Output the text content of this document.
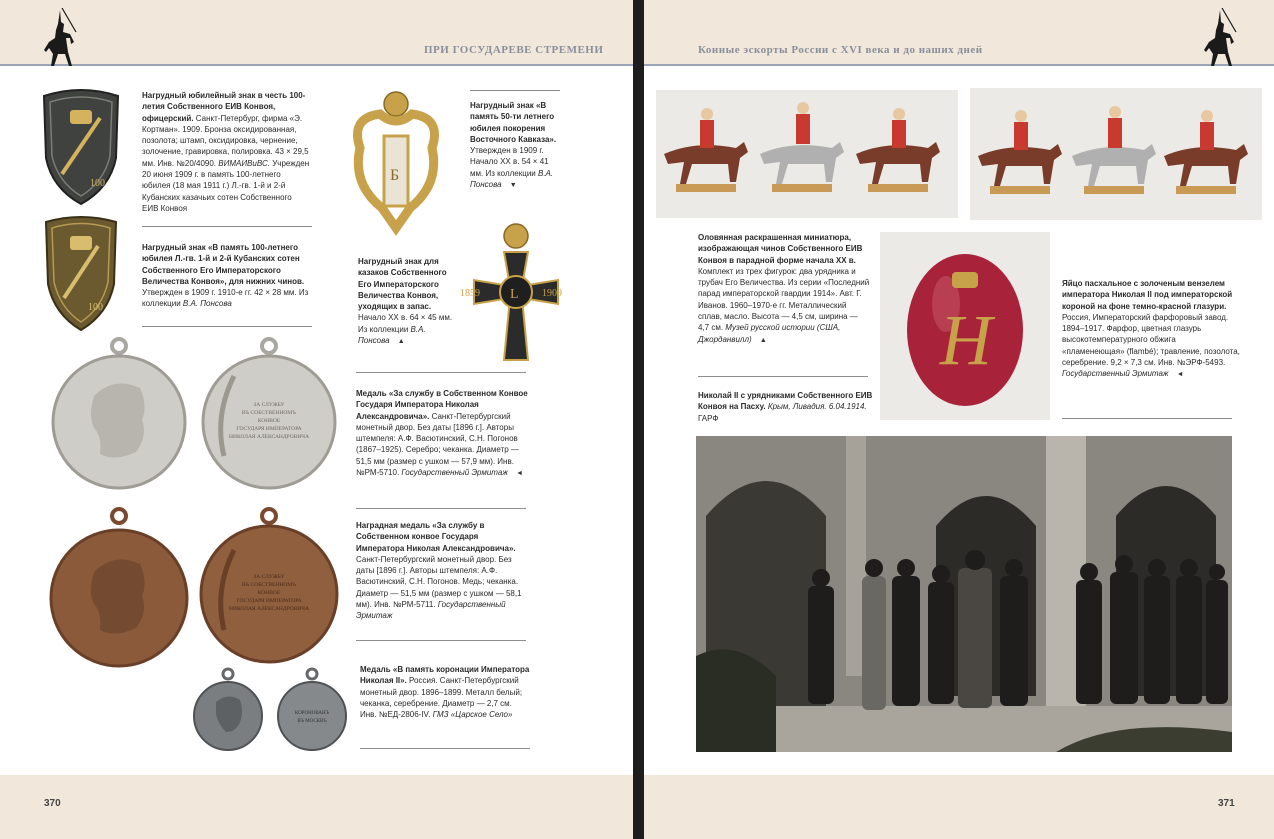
ПРИ ГОСУДАРЕВЕ СТРЕМЕНИ
100
Нагрудный юбилейный знак в честь 100-летия Собственного ЕИВ Конвоя, офицерский. Санкт-Петербург, фирма «Э. Кортман». 1909. Бронза оксидированная, позолота; штамп, оксидировка, чернение, золочение, гравировка, полировка. 43 × 29,5 мм. Инв. №20/4090. ВИМАИВиВС. Учрежден 20 июня 1909 г. в память 100-летнего юбилея (18 мая 1911 г.) Л.-гв. 1-й и 2-й Кубанских казачьих сотен Собственного ЕИВ Конвоя
100
Нагрудный знак «В память 100-летнего юбилея Л.-гв. 1-й и 2-й Кубанских сотен Собственного Его Императорского Величества Конвоя», для нижних чинов. Утвержден в 1909 г. 1910-е гг. 42 × 28 мм. Из коллекции В.А. Понсова
Б
Нагрудный знак для казаков Собственного Его Императорского Величества Конвоя, уходящих в запас. Начало XX в. 64 × 45 мм. Из коллекции В.А. Понсова ▲
Нагрудный знак «В память 50-ти летнего юбилея покорения Восточного Кавказа». Утвержден в 1909 г. Начало XX в. 54 × 41 мм. Из коллекции В.А. Понсова ▼
L
1859	1909
ЗА СЛУЖБУ
ВЪ СОБСТВЕННОМЪ
КОНВОЕ
ГОСУДАРЯ ИМПЕРАТОРА
НИКОЛАЯ АЛЕКСАНДРОВИЧА
Медаль «За службу в Собственном Конвое Государя Императора Николая Александровича». Санкт-Петербургский монетный двор. Без даты [1896 г.]. Авторы штемпеля: А.Ф. Васютинский, С.Н. Погонов (1867–1925). Серебро; чеканка. Диаметр — 51,5 мм (размер с ушком — 57,9 мм). Инв. №РМ-5710. Государственный Эрмитаж ◄
ЗА СЛУЖБУ
ВЪ СОБСТВЕННОМЪ
КОНВОЕ
ГОСУДАРЯ ИМПЕРАТОРА
НИКОЛАЯ АЛЕКСАНДРОВИЧА
Наградная медаль «За службу в Собственном конвое Государя Императора Николая Александровича». Санкт-Петербургский монетный двор. Без даты [1896 г.]. Авторы штемпеля: А.Ф. Васютинский, С.Н. Погонов. Медь; чеканка. Диаметр — 51,5 мм (размер с ушком — 58,1 мм). Инв. №РМ-5711. Государственный Эрмитаж
КОРОНОВАНЪ
ВЪ МОСКВЪ
Медаль «В память коронации Императора Николая II». Россия. Санкт-Петербургский монетный двор. 1896–1899. Металл белый; чеканка, серебрение. Диаметр — 2,7 см. Инв. №ЕД-2806-IV. ГМЗ «Царское Село»
370
Конные эскорты России с XVI века и до наших дней
Оловянная раскрашенная миниатюра, изображающая чинов Собственного ЕИВ Конвоя в парадной форме начала XX в. Комплект из трех фигурок: два урядника и трубач Его Величества. Из серии «Последний парад императорской гвардии 1914». Авт. Г. Иванов. 1960–1970-е гг. Металлический сплав, масло. Высота — 4,5 см, ширина — 4,7 см. Музей русской истории (США, Джорданвилл) ▲	Н
Яйцо пасхальное с золоченым вензелем императора Николая II под императорской короной на фоне темно-красной глазури. Россия, Императорский фарфоровый завод. 1894–1917. Фарфор, цветная глазурь высокотемпературного обжига «пламенеющая» (flambé); травление, позолота, серебрение. 9,2 × 7,3 см. Инв. №ЭРФ-5493. Государственный Эрмитаж ◄
Николай II с урядниками Собственного ЕИВ Конвоя на Пасху. Крым, Ливадия. 6.04.1914. ГАРФ
371
